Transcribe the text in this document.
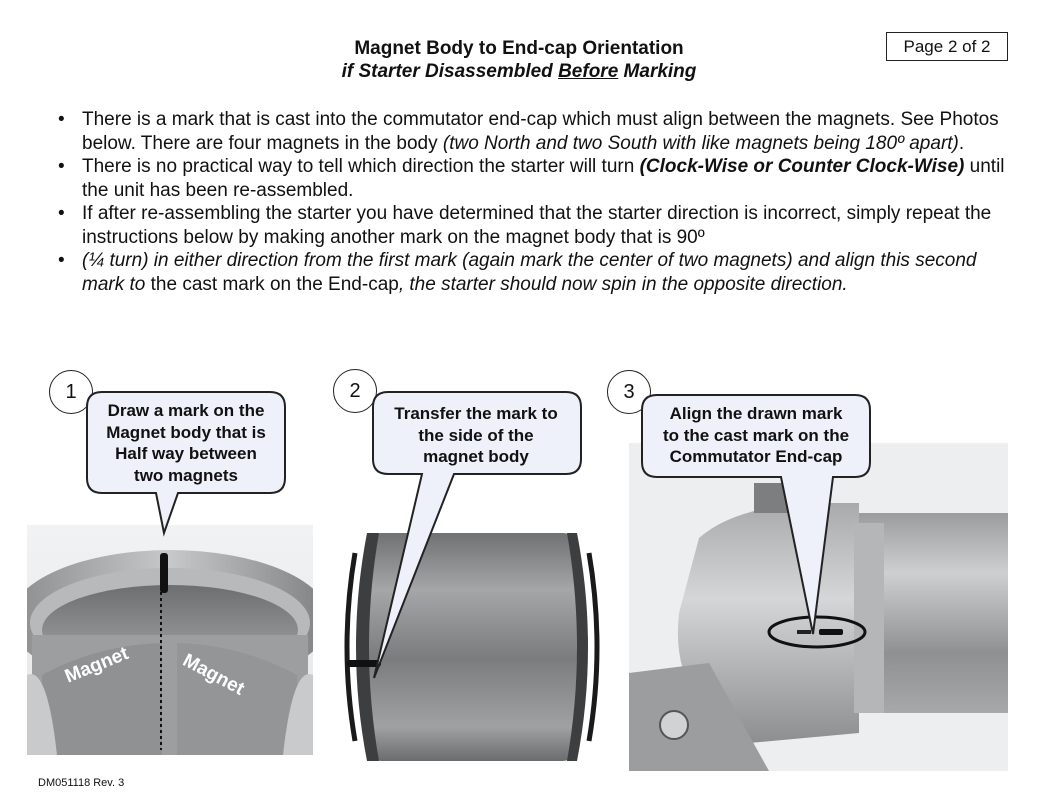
Magnet Body to End-cap Orientation
if Starter Disassembled Before Marking
Page 2 of 2
• There is a mark that is cast into the commutator end-cap which must align between the magnets. See Photos below. There are four magnets in the body (two North and two South with like magnets being 180º apart).
• There is no practical way to tell which direction the starter will turn (Clock-Wise or Counter Clock-Wise) until the unit has been re-assembled.
• If after re-assembling the starter you have determined that the starter direction is incorrect, simply repeat the instructions below by making another mark on the magnet body that is 90º
• (¼ turn) in either direction from the first mark (again mark the center of two magnets) and align this second mark to the cast mark on the End-cap, the starter should now spin in the opposite direction.
Magnet	Magnet
1	2	3
Draw a mark on the
Magnet body that is
Half way between
two magnets
Transfer the mark to
the side of the
magnet body
Align the drawn mark
to the cast mark on the
Commutator End-cap
DM051118 Rev. 3
